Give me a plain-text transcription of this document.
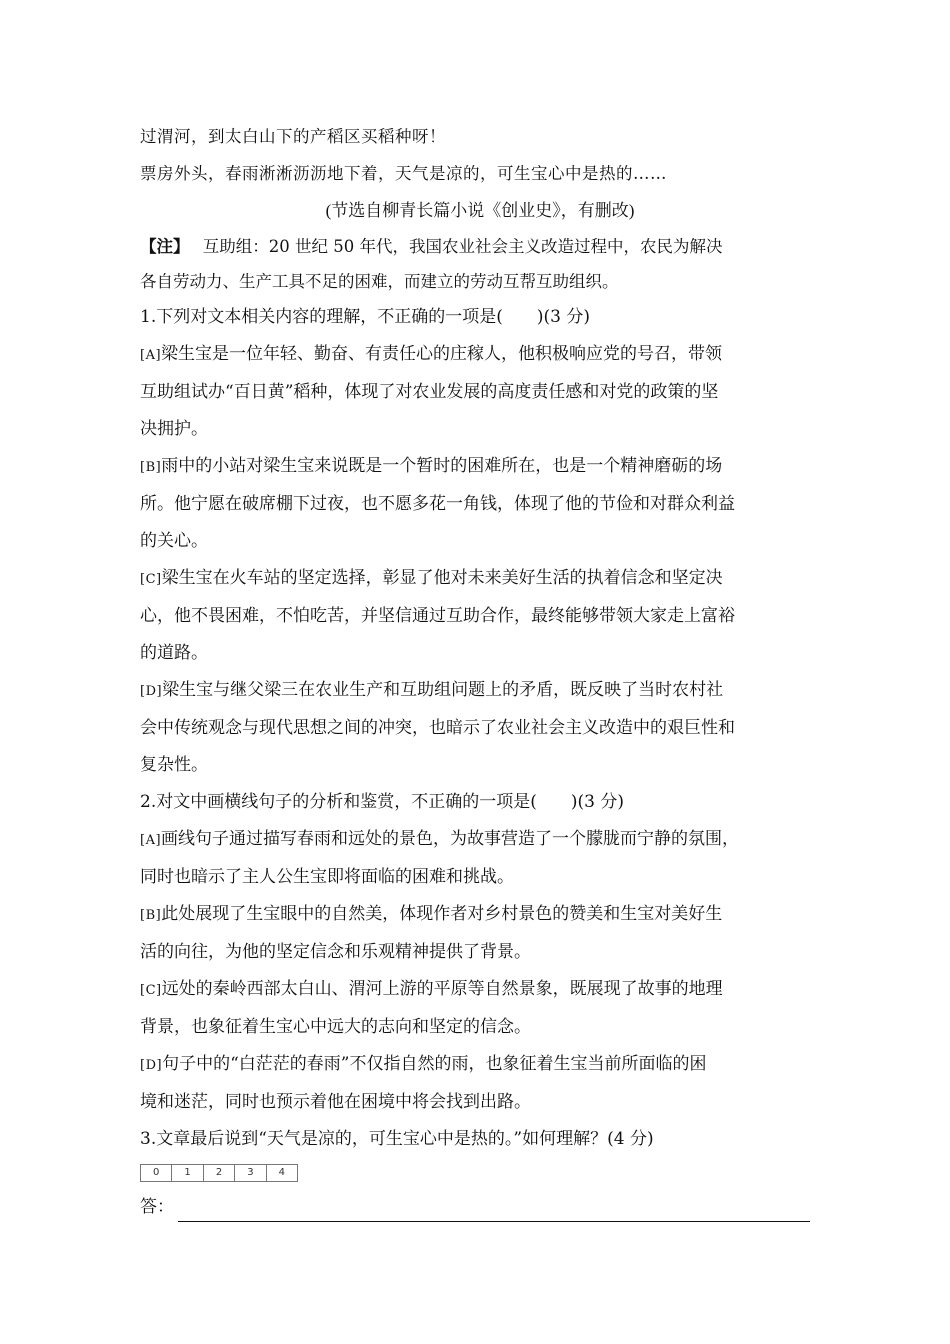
过渭河，到太白山下的产稻区买稻种呀！
票房外头，春雨淅淅沥沥地下着，天气是凉的，可生宝心中是热的……
(节选自柳青长篇小说《创业史》，有删改)
【注】 互助组：20 世纪 50 年代，我国农业社会主义改造过程中，农民为解决
各自劳动力、生产工具不足的困难，而建立的劳动互帮互助组织。
1.下列对文本相关内容的理解，不正确的一项是(　　)(3 分)
[A]梁生宝是一位年轻、勤奋、有责任心的庄稼人，他积极响应党的号召，带领
互助组试办“百日黄”稻种，体现了对农业发展的高度责任感和对党的政策的坚
决拥护。
[B]雨中的小站对梁生宝来说既是一个暂时的困难所在，也是一个精神磨砺的场
所。他宁愿在破席棚下过夜，也不愿多花一角钱，体现了他的节俭和对群众利益
的关心。
[C]梁生宝在火车站的坚定选择，彰显了他对未来美好生活的执着信念和坚定决
心，他不畏困难，不怕吃苦，并坚信通过互助合作，最终能够带领大家走上富裕
的道路。
[D]梁生宝与继父梁三在农业生产和互助组问题上的矛盾，既反映了当时农村社
会中传统观念与现代思想之间的冲突，也暗示了农业社会主义改造中的艰巨性和
复杂性。
2.对文中画横线句子的分析和鉴赏，不正确的一项是(　　)(3 分)
[A]画线句子通过描写春雨和远处的景色，为故事营造了一个朦胧而宁静的氛围，
同时也暗示了主人公生宝即将面临的困难和挑战。
[B]此处展现了生宝眼中的自然美，体现作者对乡村景色的赞美和生宝对美好生
活的向往，为他的坚定信念和乐观精神提供了背景。
[C]远处的秦岭西部太白山、渭河上游的平原等自然景象，既展现了故事的地理
背景，也象征着生宝心中远大的志向和坚定的信念。
[D]句子中的“白茫茫的春雨”不仅指自然的雨，也象征着生宝当前所面临的困
境和迷茫，同时也预示着他在困境中将会找到出路。
3.文章最后说到“天气是凉的，可生宝心中是热的。”如何理解？(4 分)
0	1	2	3	4
答：
